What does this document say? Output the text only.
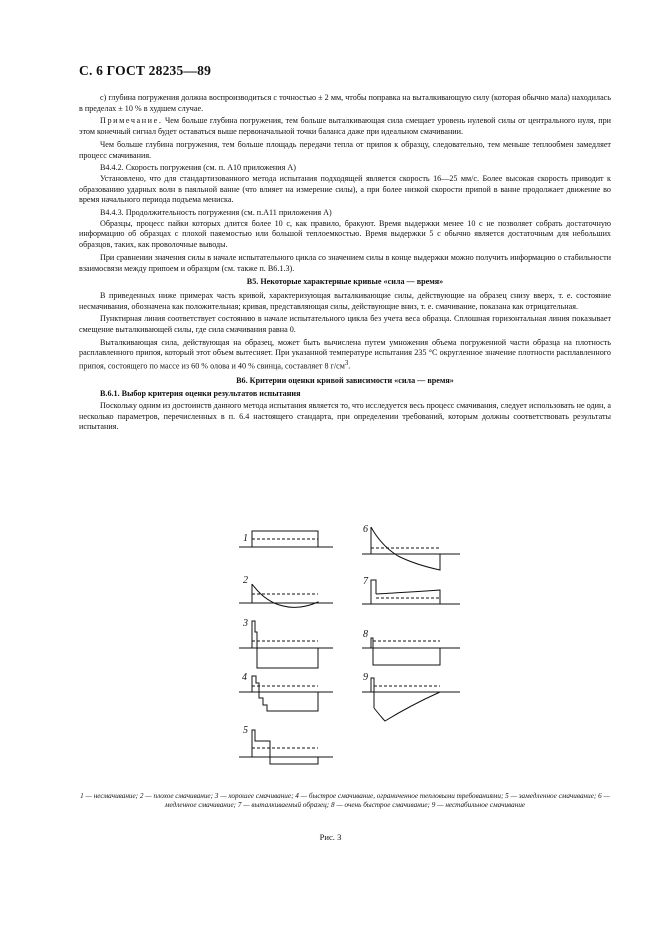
С. 6 ГОСТ 28235—89

с) глубина погружения должна воспроизводиться с точностью ± 2 мм, чтобы поправка на выталкивающую силу (которая обычно мала) находилась в пределах ± 10 % в худшем случае.

Примечание. Чем больше глубина погружения, тем больше выталкивающая сила смещает уровень нулевой силы от центрального нуля, при этом конечный сигнал будет оставаться выше первоначальной точки баланса даже при идеальном смачивании.

Чем больше глубина погружения, тем больше площадь передачи тепла от припоя к образцу, следовательно, тем меньше теплообмен замедляет процесс смачивания.

В4.4.2. Скорость погружения (см. п. А10 приложения А)

Установлено, что для стандартизованного метода испытания подходящей является скорость 16—25 мм/с. Более высокая скорость приводит к образованию ударных волн в паяльной ванне (что влияет на измерение силы), а при более низкой скорости припой в ванне продолжает движение во время начального периода подъема мениска.

В4.4.3. Продолжительность погружения (см. п.А11 приложения А)

Образцы, процесс пайки которых длится более 10 с, как правило, бракуют. Время выдержки менее 10 с не позволяет собрать достаточную информацию об образцах с плохой паяемостью или большой теплоемкостью. Время выдержки 5 с обычно является достаточным для небольших образцов, таких, как проволочные выводы.

При сравнении значения силы в начале испытательного цикла со значением силы в конце выдержки можно получить информацию о стабильности взаимосвязи между припоем и образцом (см. также п. В6.1.3).

В5. Некоторые характерные кривые «сила — время»

В приведенных ниже примерах часть кривой, характеризующая выталкивающие силы, действующие на образец снизу вверх, т. е. состояние несмачивания, обозначена как положительная; кривая, представляющая силы, действующие вниз, т. е. смачивание, показана как отрицательная.

Пунктирная линия соответствует состоянию в начале испытательного цикла без учета веса образца. Сплошная горизонтальная линия показывает смещение выталкивающей силы, где сила смачивания равна 0.

Выталкивающая сила, действующая на образец, может быть вычислена путем умножения объема погруженной части образца на плотность расплавленного припоя, который этот объем вытесняет. При указанной температуре испытания 235 °С округленное значение плотности расплавленного припоя, состоящего по массе из 60 % олова и 40 % свинца, составляет 8 $г/см^3$.

В6. Критерии оценки кривой зависимости «сила — время»
В.6.1. Выбор критерия оценки результатов испытания

Поскольку одним из достоинств данного метода испытания является то, что исследуется весь процесс смачивания, следует использовать не один, а несколько параметров, перечисленных в п. 6.4 настоящего стандарта, при определении требований, которым должны соответствовать результаты испытания.

1
2
3
4
5
6
7
8
9
1 — несмачивание; 2 — плохое смачивание; 3 — хорошее смачивание; 4 — быстрое смачивание, ограниченное тепловыми требованиями; 5 — замедленное смачивание; 6 — медленное смачивание; 7 — выталкиваемый образец; 8 — очень быстрое смачивание; 9 — нестабильное смачивание
Рис. 3
